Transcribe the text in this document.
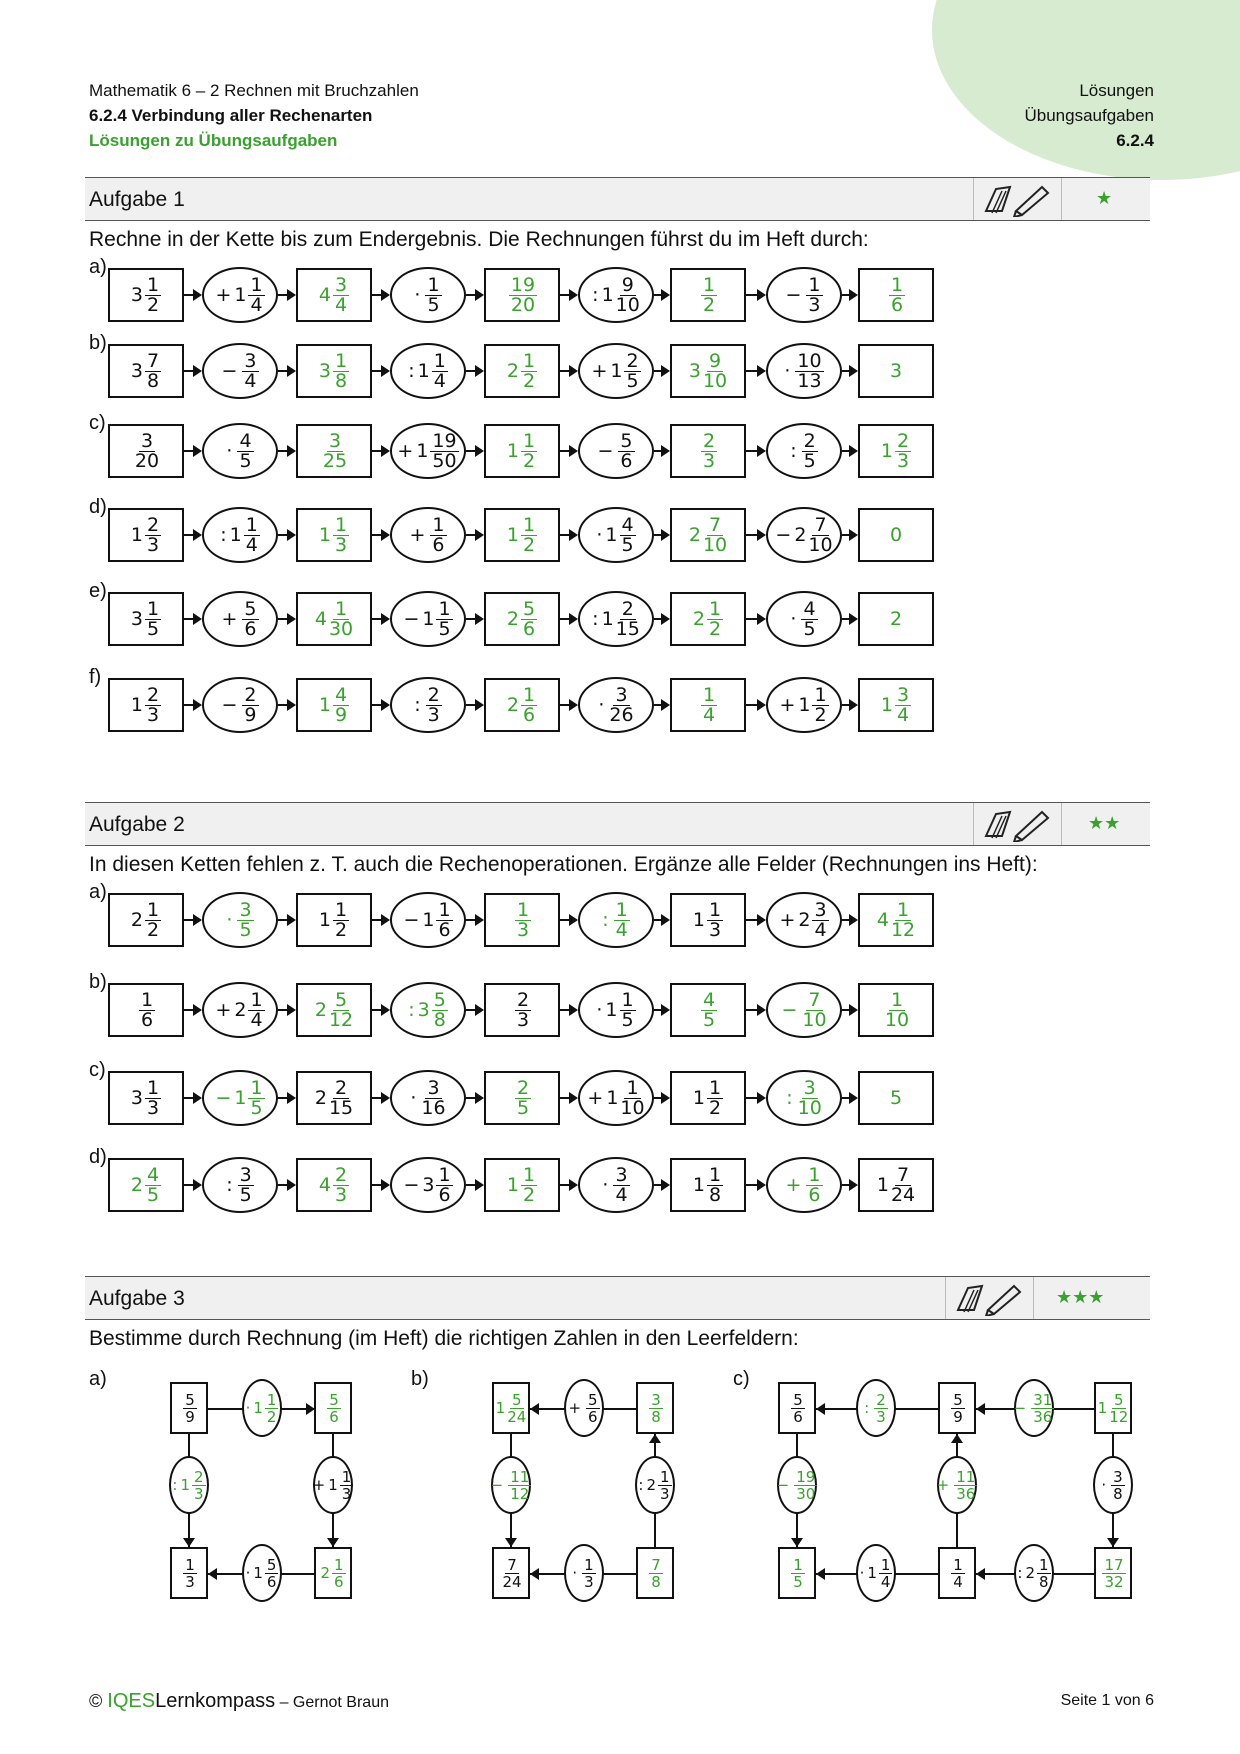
Mathematik 6 – 2 Rechnen mit Bruchzahlen
6.2.4 Verbindung aller Rechenarten
Lösungen zu Übungsaufgaben
Lösungen
Übungsaufgaben
6.2.4
Aufgabe 1	★
Rechne in der Kette bis zum Endergebnis. Die Rechnungen führst du im Heft durch:
Aufgabe 2	★★
In diesen Ketten fehlen z. T. auch die Rechenoperationen. Ergänze alle Felder (Rechnungen ins Heft):
Aufgabe 3	★★★
Bestimme durch Rechnung (im Heft) die richtigen Zahlen in den Leerfeldern:
a)
$3 \frac{1}{2}$	+ $1 \frac{1}{4}$	$4 \frac{3}{4}$	· $\frac{1}{5}$	$\frac{19}{20}$	: $1 \frac{9}{10}$	$\frac{1}{2}$	− $\frac{1}{3}$	$\frac{1}{6}$
b)
$3 \frac{7}{8}$	− $\frac{3}{4}$	$3 \frac{1}{8}$	: $1 \frac{1}{4}$	$2 \frac{1}{2}$	+ $1 \frac{2}{5}$	$3 \frac{9}{10}$	· $\frac{10}{13}$	3
c)
$\frac{3}{20}$	· $\frac{4}{5}$	$\frac{3}{25}$	+ $1 \frac{19}{50}$	$1 \frac{1}{2}$	− $\frac{5}{6}$	$\frac{2}{3}$	: $\frac{2}{5}$	$1 \frac{2}{3}$
d)
$1 \frac{2}{3}$	: $1 \frac{1}{4}$	$1 \frac{1}{3}$	+ $\frac{1}{6}$	$1 \frac{1}{2}$	· $1 \frac{4}{5}$	$2 \frac{7}{10}$	− $2 \frac{7}{10}$	0
e)
$3 \frac{1}{5}$	+ $\frac{5}{6}$	$4 \frac{1}{30}$	− $1 \frac{1}{5}$	$2 \frac{5}{6}$	: $1 \frac{2}{15}$	$2 \frac{1}{2}$	· $\frac{4}{5}$	2
f)
$1 \frac{2}{3}$	− $\frac{2}{9}$	$1 \frac{4}{9}$	: $\frac{2}{3}$	$2 \frac{1}{6}$	· $\frac{3}{26}$	$\frac{1}{4}$	+ $1 \frac{1}{2}$	$1 \frac{3}{4}$
a)
$2 \frac{1}{2}$	· $\frac{3}{5}$	$1 \frac{1}{2}$	− $1 \frac{1}{6}$	$\frac{1}{3}$	: $\frac{1}{4}$	$1 \frac{1}{3}$	+ $2 \frac{3}{4}$	$4 \frac{1}{12}$
b)
$\frac{1}{6}$	+ $2 \frac{1}{4}$	$2 \frac{5}{12}$	: $3 \frac{5}{8}$	$\frac{2}{3}$	· $1 \frac{1}{5}$	$\frac{4}{5}$	− $\frac{7}{10}$	$\frac{1}{10}$
c)
$3 \frac{1}{3}$	− $1 \frac{1}{5}$	$2 \frac{2}{15}$	· $\frac{3}{16}$	$\frac{2}{5}$	+ $1 \frac{1}{10}$	$1 \frac{1}{2}$	: $\frac{3}{10}$	5
d)
$2 \frac{4}{5}$	: $\frac{3}{5}$	$4 \frac{2}{3}$	− $3 \frac{1}{6}$	$1 \frac{1}{2}$	· $\frac{3}{4}$	$1 \frac{1}{8}$	+ $\frac{1}{6}$	$1 \frac{7}{24}$
a)
$\frac{5}{9}$	$\frac{5}{6}$
$\frac{1}{3}$	$2 \frac{1}{6}$
· $1 \frac{1}{2}$
· $1 \frac{5}{6}$
: $1 \frac{2}{3}$	+ $1 \frac{1}{3}$
b)
$1 \frac{5}{24}$	$\frac{3}{8}$
$\frac{7}{24}$	$\frac{7}{8}$
+ $\frac{5}{6}$
· $\frac{1}{3}$
− $\frac{11}{12}$	: $2 \frac{1}{3}$
c)
$\frac{5}{6}$	$\frac{5}{9}$	$1 \frac{5}{12}$
$\frac{1}{5}$	$\frac{1}{4}$	$\frac{17}{32}$
: $\frac{2}{3}$	− $\frac{31}{36}$
· $1 \frac{1}{4}$	: $2 \frac{1}{8}$
− $\frac{19}{30}$	+ $\frac{11}{36}$	· $\frac{3}{8}$
© IQESLernkompass – Gernot Braun	Seite 1 von 6
